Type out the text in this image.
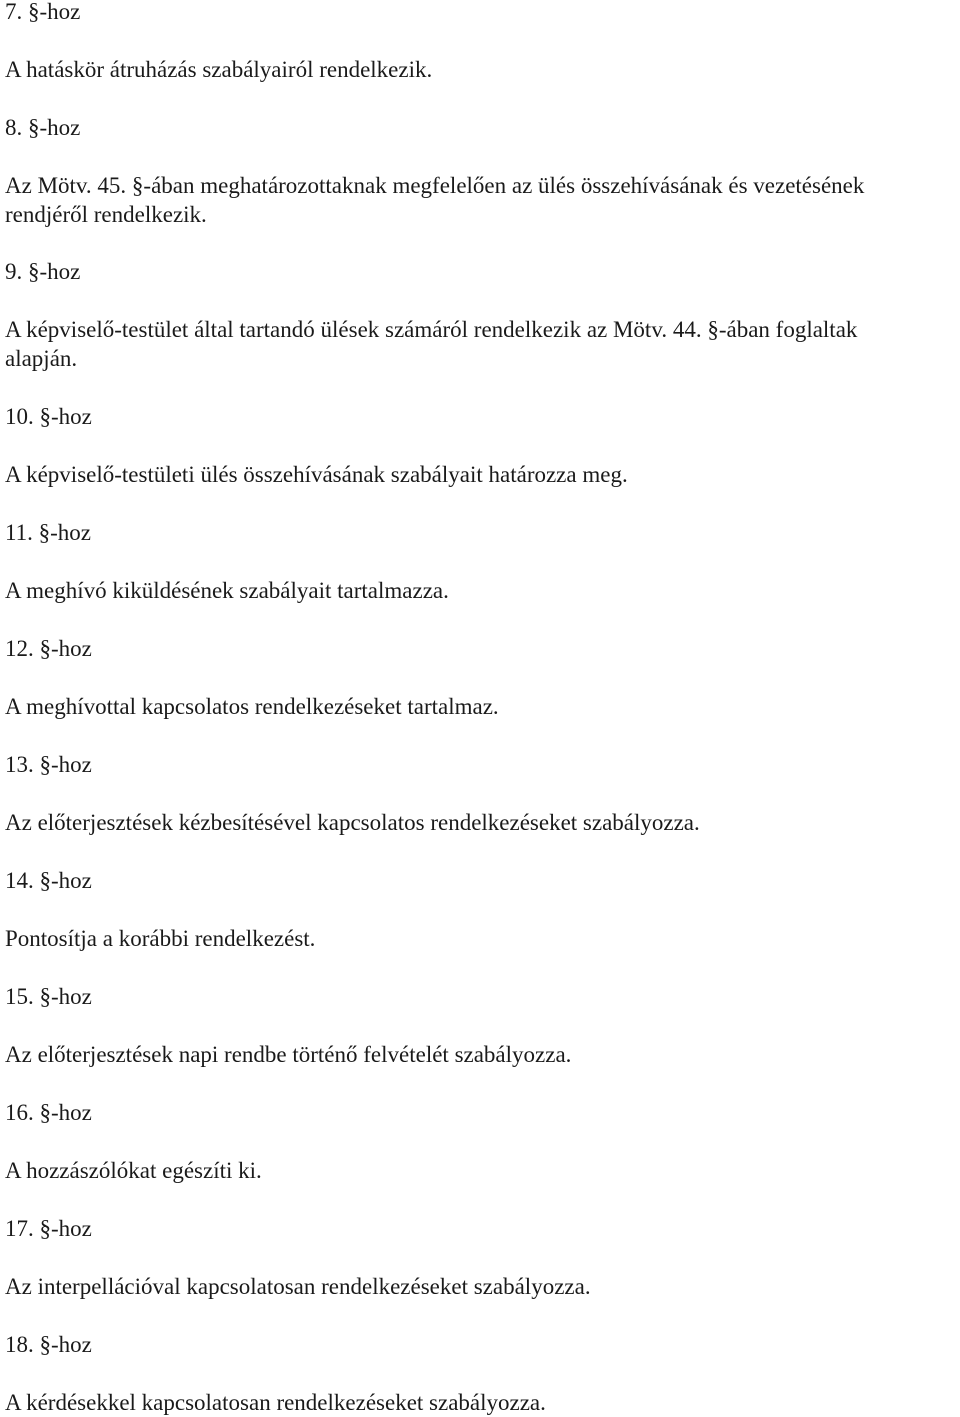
7. §-hoz
A hatáskör átruházás szabályairól rendelkezik.
8. §-hoz
Az Mötv. 45. §-ában meghatározottaknak megfelelően az ülés összehívásának és vezetésének
rendjéről rendelkezik.
9. §-hoz
A képviselő-testület által tartandó ülések számáról rendelkezik az Mötv. 44. §-ában foglaltak
alapján.
10. §-hoz
A képviselő-testületi ülés összehívásának szabályait határozza meg.
11. §-hoz
A meghívó kiküldésének szabályait tartalmazza.
12. §-hoz
A meghívottal kapcsolatos rendelkezéseket tartalmaz.
13. §-hoz
Az előterjesztések kézbesítésével kapcsolatos rendelkezéseket szabályozza.
14. §-hoz
Pontosítja a korábbi rendelkezést.
15. §-hoz
Az előterjesztések napi rendbe történő felvételét szabályozza.
16. §-hoz
A hozzászólókat egészíti ki.
17. §-hoz
Az interpellációval kapcsolatosan rendelkezéseket szabályozza.
18. §-hoz
A kérdésekkel kapcsolatosan rendelkezéseket szabályozza.
